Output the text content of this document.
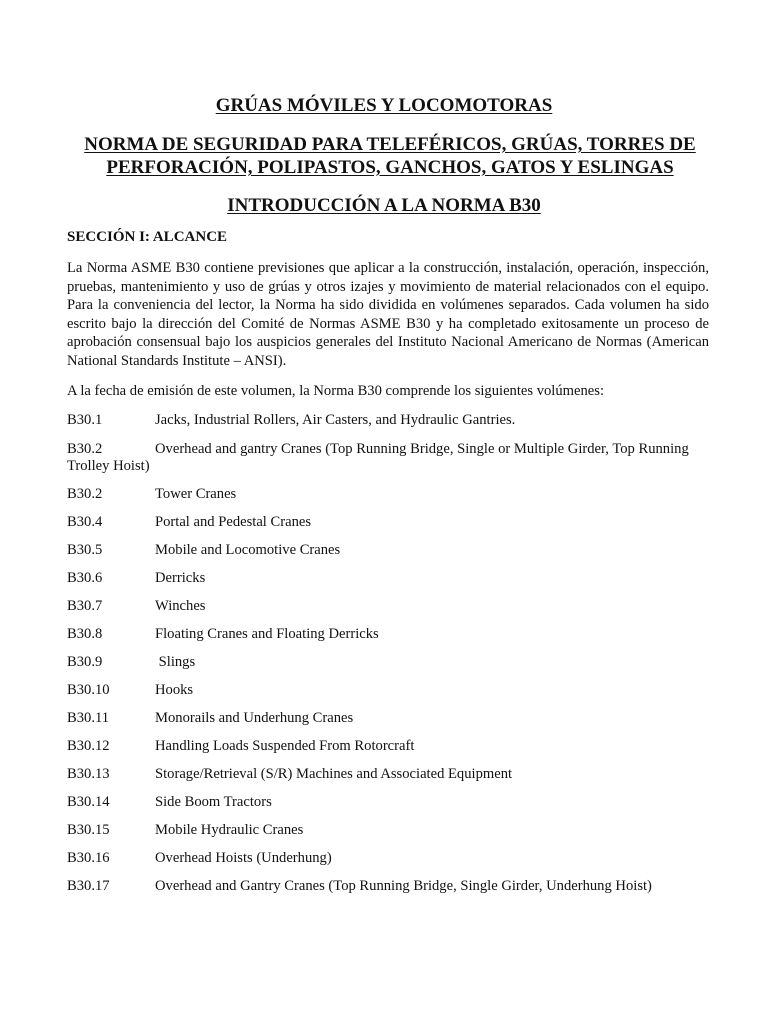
GRÚAS MÓVILES Y LOCOMOTORAS
NORMA DE SEGURIDAD PARA TELEFÉRICOS, GRÚAS, TORRES DE PERFORACIÓN, POLIPASTOS, GANCHOS, GATOS Y ESLINGAS
INTRODUCCIÓN A LA NORMA B30
SECCIÓN I: ALCANCE

La Norma ASME B30 contiene previsiones que aplicar a la construcción, instalación, operación, inspección, pruebas, mantenimiento y uso de grúas y otros izajes y movimiento de material relacionados con el equipo. Para la conveniencia del lector, la Norma ha sido dividida en volúmenes separados. Cada volumen ha sido escrito bajo la dirección del Comité de Normas ASME B30 y ha completado exitosamente un proceso de aprobación consensual bajo los auspicios generales del Instituto Nacional Americano de Normas (American National Standards Institute – ANSI).

A la fecha de emisión de este volumen, la Norma B30 comprende los siguientes volúmenes:

B30.1	Jacks, Industrial Rollers, Air Casters, and Hydraulic Gantries.
B30.2	Overhead and gantry Cranes (Top Running Bridge, Single or Multiple Girder, Top Running Trolley Hoist)
B30.2	Tower Cranes
B30.4	Portal and Pedestal Cranes
B30.5	Mobile and Locomotive Cranes
B30.6	Derricks
B30.7	Winches
B30.8	Floating Cranes and Floating Derricks
B30.9	Slings
B30.10	Hooks
B30.11	Monorails and Underhung Cranes
B30.12	Handling Loads Suspended From Rotorcraft
B30.13	Storage/Retrieval (S/R) Machines and Associated Equipment
B30.14	Side Boom Tractors
B30.15	Mobile Hydraulic Cranes
B30.16	Overhead Hoists (Underhung)
B30.17	Overhead and Gantry Cranes (Top Running Bridge, Single Girder, Underhung Hoist)
